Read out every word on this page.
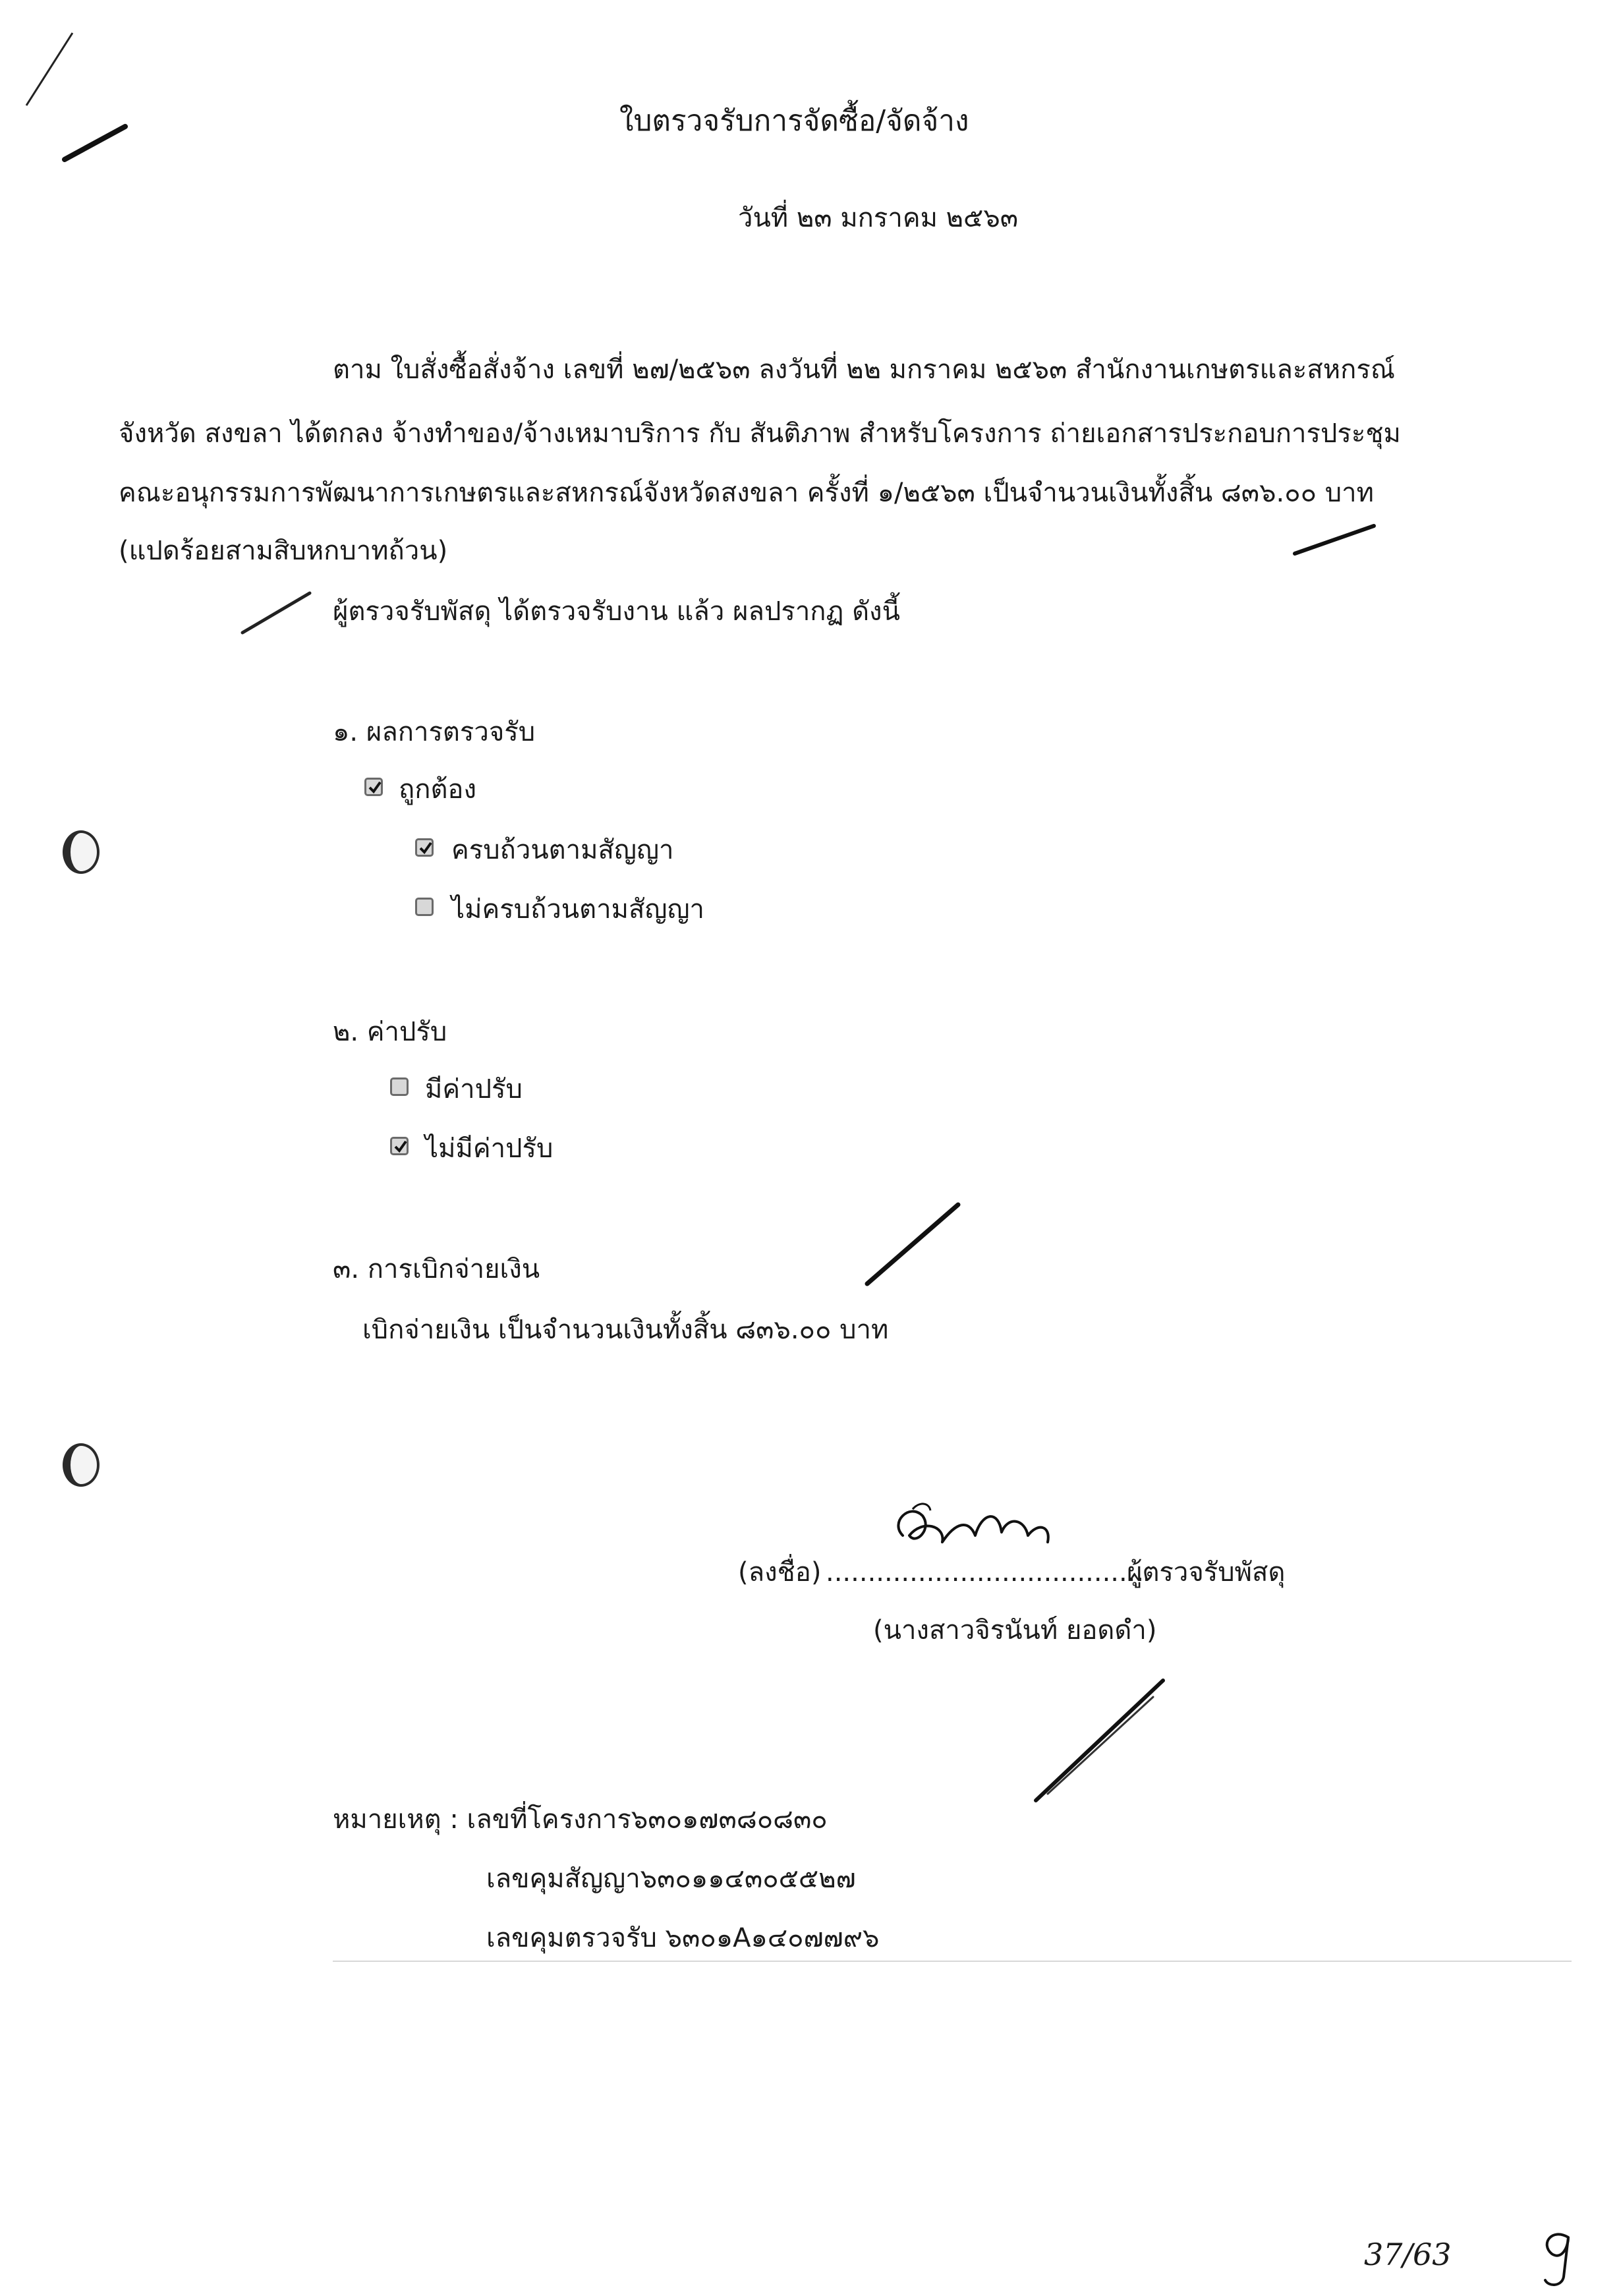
ใบตรวจรับการจัดซื้อ/จัดจ้าง

วันที่ ๒๓ มกราคม ๒๕๖๓

ตาม ใบสั่งซื้อสั่งจ้าง เลขที่ ๒๗/๒๕๖๓ ลงวันที่ ๒๒ มกราคม ๒๕๖๓ สำนักงานเกษตรและสหกรณ์

จังหวัด สงขลา ได้ตกลง จ้างทำของ/จ้างเหมาบริการ กับ สันติภาพ สำหรับโครงการ ถ่ายเอกสารประกอบการประชุม

คณะอนุกรรมการพัฒนาการเกษตรและสหกรณ์จังหวัดสงขลา ครั้งที่ ๑/๒๕๖๓ เป็นจำนวนเงินทั้งสิ้น ๘๓๖.๐๐ บาท

(แปดร้อยสามสิบหกบาทถ้วน)

ผู้ตรวจรับพัสดุ ได้ตรวจรับงาน แล้ว ผลปรากฏ ดังนี้

๑. ผลการตรวจรับ

ถูกต้อง

ครบถ้วนตามสัญญา

ไม่ครบถ้วนตามสัญญา

๒. ค่าปรับ

มีค่าปรับ

ไม่มีค่าปรับ

๓. การเบิกจ่ายเงิน

เบิกจ่ายเงิน เป็นจำนวนเงินทั้งสิ้น ๘๓๖.๐๐ บาท

(ลงชื่อ) ......................................

ผู้ตรวจรับพัสดุ

(นางสาวจิรนันท์ ยอดดำ)

หมายเหตุ : เลขที่โครงการ๖๓๐๑๗๓๘๐๘๓๐

เลขคุมสัญญา๖๓๐๑๑๔๓๐๕๕๒๗

เลขคุมตรวจรับ ๖๓๐๑A๑๔๐๗๗๙๖

37/63
